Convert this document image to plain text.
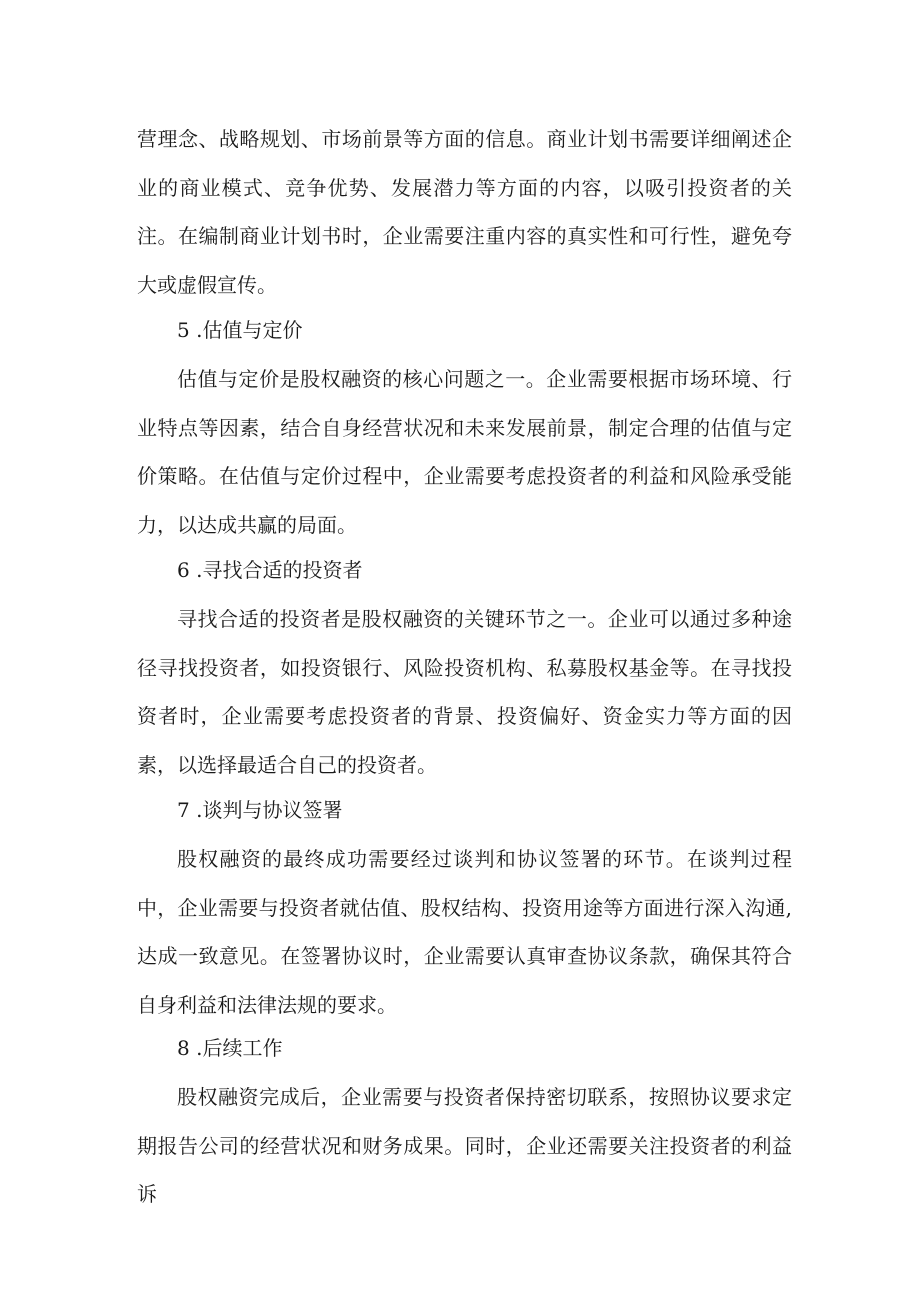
营理念、战略规划、市场前景等方面的信息。商业计划书需要详细阐述企业的商业模式、竞争优势、发展潜力等方面的内容，以吸引投资者的关注。在编制商业计划书时，企业需要注重内容的真实性和可行性，避免夸大或虚假宣传。

5 .估值与定价

估值与定价是股权融资的核心问题之一。企业需要根据市场环境、行业特点等因素，结合自身经营状况和未来发展前景，制定合理的估值与定价策略。在估值与定价过程中，企业需要考虑投资者的利益和风险承受能力，以达成共赢的局面。

6 .寻找合适的投资者

寻找合适的投资者是股权融资的关键环节之一。企业可以通过多种途径寻找投资者，如投资银行、风险投资机构、私募股权基金等。在寻找投资者时，企业需要考虑投资者的背景、投资偏好、资金实力等方面的因素，以选择最适合自己的投资者。

7 .谈判与协议签署

股权融资的最终成功需要经过谈判和协议签署的环节。在谈判过程中，企业需要与投资者就估值、股权结构、投资用途等方面进行深入沟通,达成一致意见。在签署协议时，企业需要认真审查协议条款，确保其符合自身利益和法律法规的要求。

8 .后续工作

股权融资完成后，企业需要与投资者保持密切联系，按照协议要求定期报告公司的经营状况和财务成果。同时，企业还需要关注投资者的利益诉
